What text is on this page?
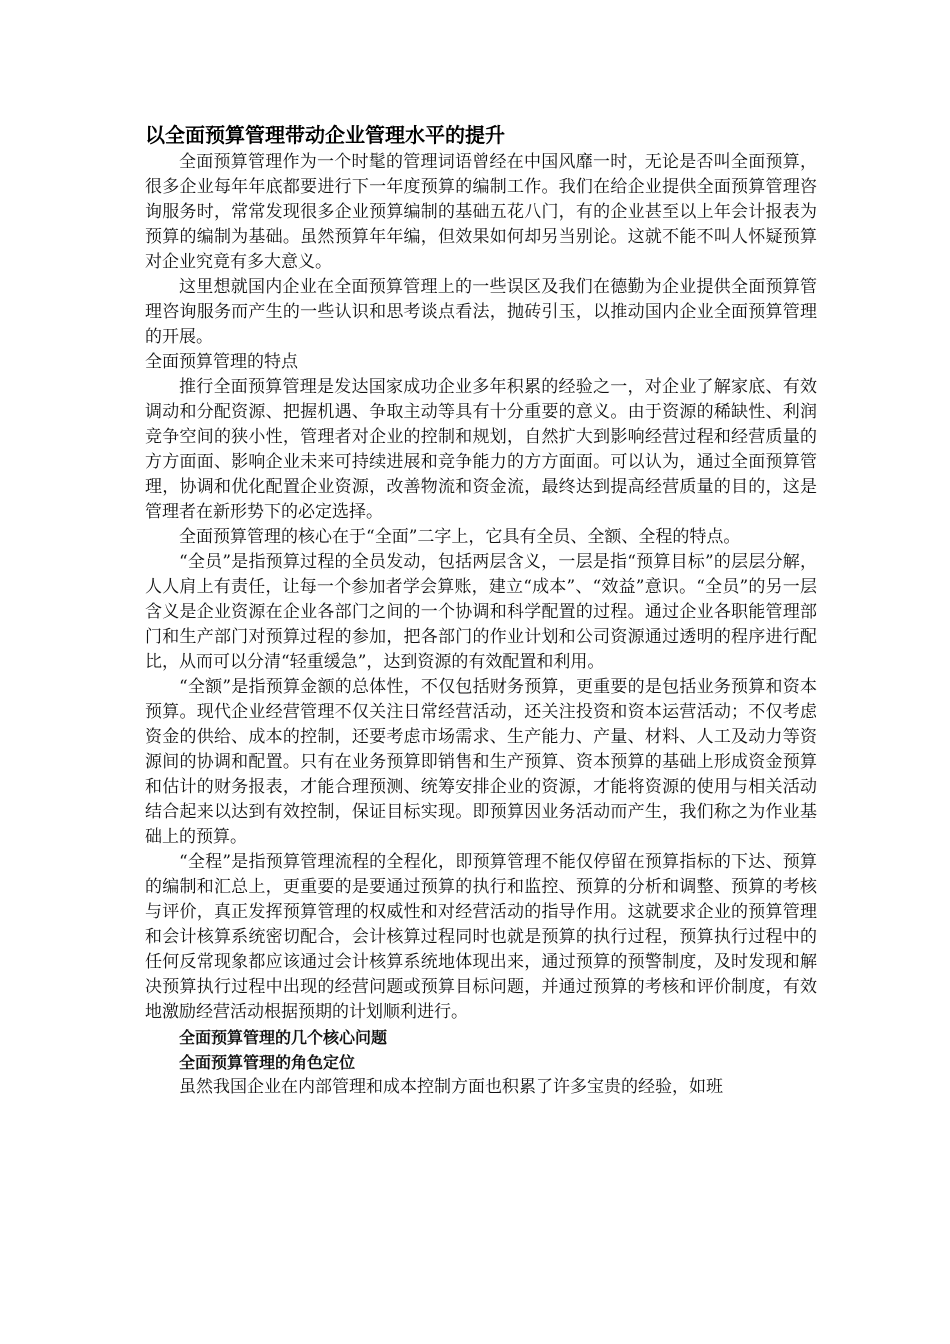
以全面预算管理带动企业管理水平的提升

全面预算管理作为一个时髦的管理词语曾经在中国风靡一时，无论是否叫全面预算，很多企业每年年底都要进行下一年度预算的编制工作。我们在给企业提供全面预算管理咨询服务时，常常发现很多企业预算编制的基础五花八门，有的企业甚至以上年会计报表为预算的编制为基础。虽然预算年年编，但效果如何却另当别论。这就不能不叫人怀疑预算对企业究竟有多大意义。

这里想就国内企业在全面预算管理上的一些误区及我们在德勤为企业提供全面预算管理咨询服务而产生的一些认识和思考谈点看法，抛砖引玉，以推动国内企业全面预算管理的开展。

全面预算管理的特点

推行全面预算管理是发达国家成功企业多年积累的经验之一，对企业了解家底、有效调动和分配资源、把握机遇、争取主动等具有十分重要的意义。由于资源的稀缺性、利润竞争空间的狭小性，管理者对企业的控制和规划，自然扩大到影响经营过程和经营质量的方方面面、影响企业未来可持续进展和竞争能力的方方面面。可以认为，通过全面预算管理，协调和优化配置企业资源，改善物流和资金流，最终达到提高经营质量的目的，这是管理者在新形势下的必定选择。

全面预算管理的核心在于“全面”二字上，它具有全员、全额、全程的特点。

“全员”是指预算过程的全员发动，包括两层含义，一层是指“预算目标”的层层分解，人人肩上有责任，让每一个参加者学会算账，建立“成本”、“效益”意识。“全员”的另一层含义是企业资源在企业各部门之间的一个协调和科学配置的过程。通过企业各职能管理部门和生产部门对预算过程的参加，把各部门的作业计划和公司资源通过透明的程序进行配比，从而可以分清“轻重缓急”，达到资源的有效配置和利用。

“全额”是指预算金额的总体性，不仅包括财务预算，更重要的是包括业务预算和资本预算。现代企业经营管理不仅关注日常经营活动，还关注投资和资本运营活动；不仅考虑资金的供给、成本的控制，还要考虑市场需求、生产能力、产量、材料、人工及动力等资源间的协调和配置。只有在业务预算即销售和生产预算、资本预算的基础上形成资金预算和估计的财务报表，才能合理预测、统筹安排企业的资源，才能将资源的使用与相关活动结合起来以达到有效控制，保证目标实现。即预算因业务活动而产生，我们称之为作业基础上的预算。

“全程”是指预算管理流程的全程化，即预算管理不能仅停留在预算指标的下达、预算的编制和汇总上，更重要的是要通过预算的执行和监控、预算的分析和调整、预算的考核与评价，真正发挥预算管理的权威性和对经营活动的指导作用。这就要求企业的预算管理和会计核算系统密切配合，会计核算过程同时也就是预算的执行过程，预算执行过程中的任何反常现象都应该通过会计核算系统地体现出来，通过预算的预警制度，及时发现和解决预算执行过程中出现的经营问题或预算目标问题，并通过预算的考核和评价制度，有效地激励经营活动根据预期的计划顺利进行。

全面预算管理的几个核心问题

全面预算管理的角色定位

虽然我国企业在内部管理和成本控制方面也积累了许多宝贵的经验，如班
